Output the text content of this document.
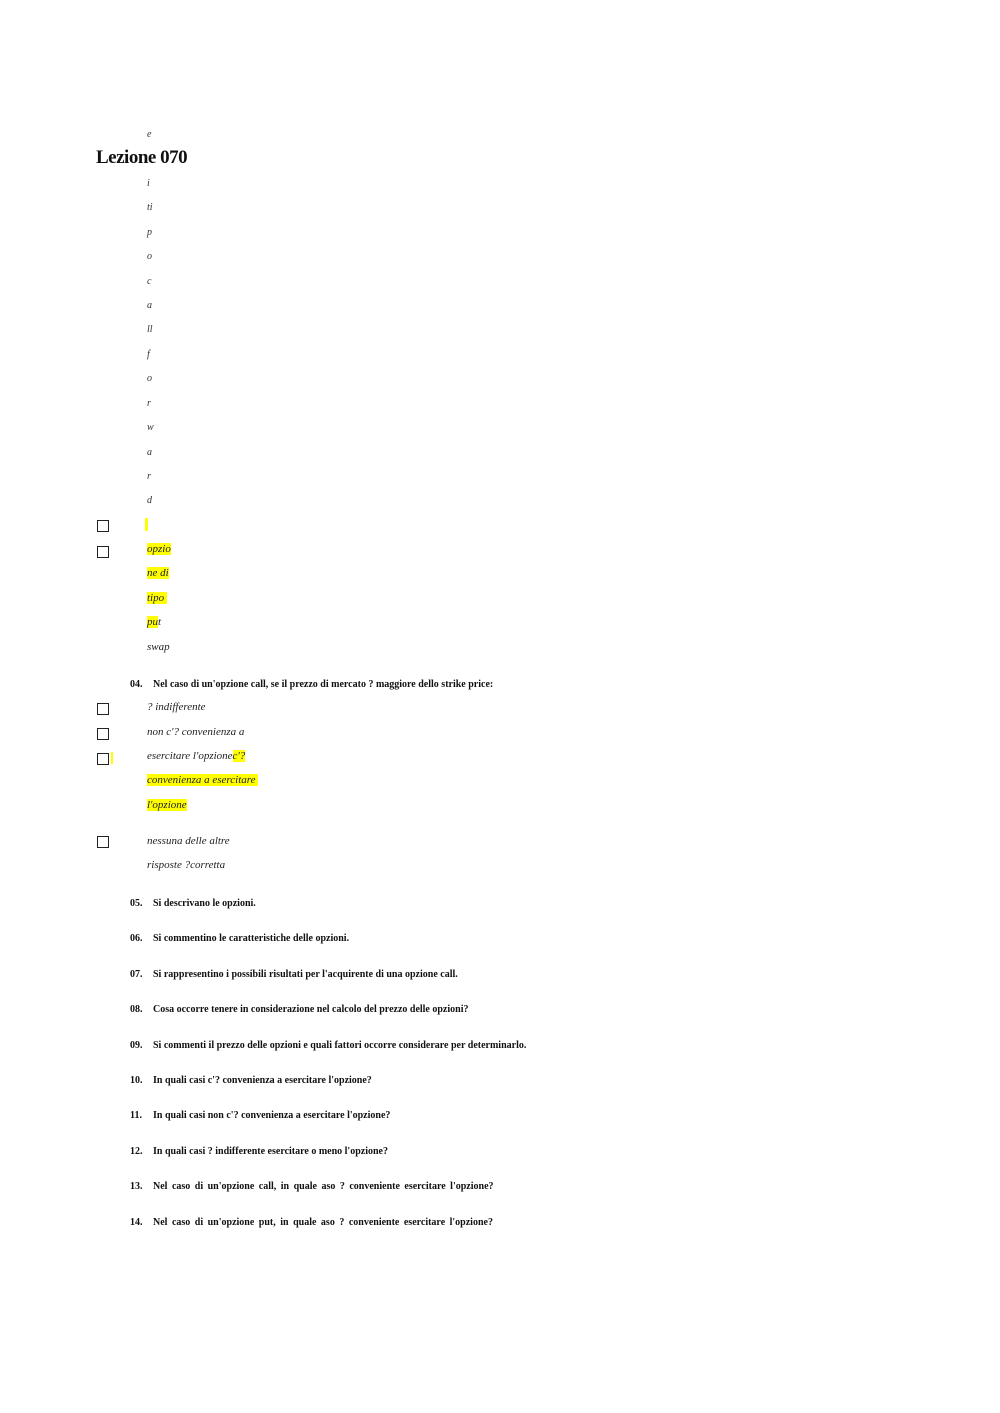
e
Lezione 070
i
ti
p
o
c
a
ll
f
o
r
w
a
r
d
opzio
ne di
tipo
put
swap
04. Nel caso di un'opzione call, se il prezzo di mercato ? maggiore dello strike price:
? indifferente
non c'? convenienza a
esercitare l'opzionec'?
convenienza a esercitare
l'opzione
nessuna delle altre
risposte ?corretta
05. Si descrivano le opzioni.
06. Si commentino le caratteristiche delle opzioni.
07. Si rappresentino i possibili risultati per l'acquirente di una opzione call.
08. Cosa occorre tenere in considerazione nel calcolo del prezzo delle opzioni?
09. Si commenti il prezzo delle opzioni e quali fattori occorre considerare per determinarlo.
10. In quali casi c'? convenienza a esercitare l'opzione?
11. In quali casi non c'? convenienza a esercitare l'opzione?
12. In quali casi ? indifferente esercitare o meno l'opzione?
13. Nel caso di un'opzione call, in quale aso ? conveniente esercitare l'opzione?
14. Nel caso di un'opzione put, in quale aso ? conveniente esercitare l'opzione?
